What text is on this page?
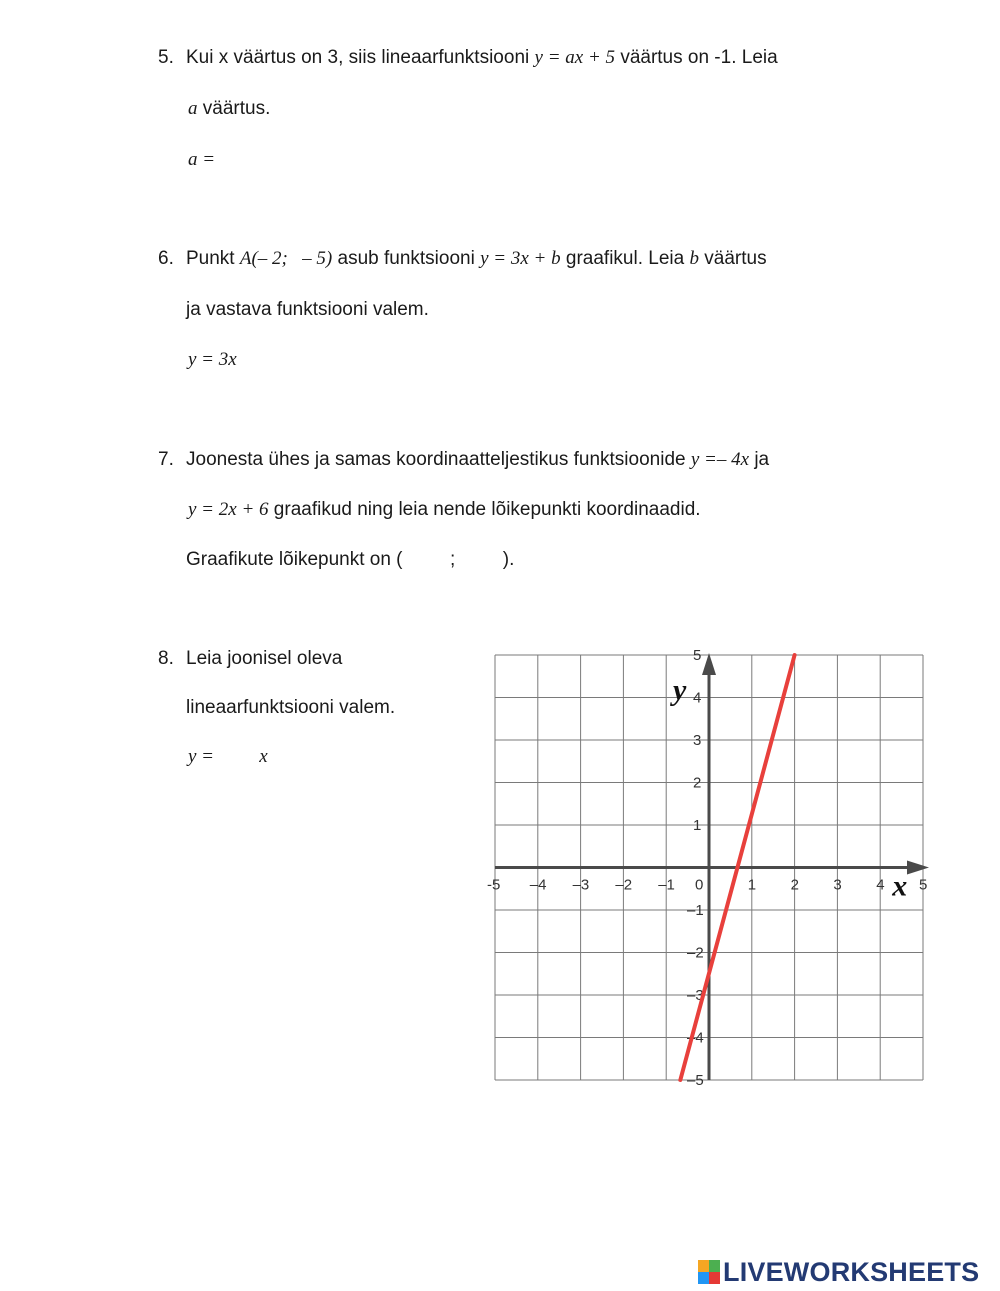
5. Kui x väärtus on 3, siis lineaarfunktsiooni y = ax + 5 väärtus on -1. Leia
a väärtus.
a =
6. Punkt A(– 2;   – 5) asub funktsiooni y = 3x + b graafikul. Leia b väärtus
ja vastava funktsiooni valem.
y = 3x
7. Joonesta ühes ja samas koordinaatteljestikus funktsioonide y =– 4x ja
y = 2x + 6 graafikud ning leia nende lõikepunkti koordinaadid.
Graafikute lõikepunkt on (         ;         ).
8. Leia joonisel oleva
lineaarfunktsiooni valem.
y = x
-5 –4 –3 –2 –1 0	1 2 3 4 5
5
4
3
2
1
–1
–2
–3
–4
–5
x
y
LIVEWORKSHEETS
